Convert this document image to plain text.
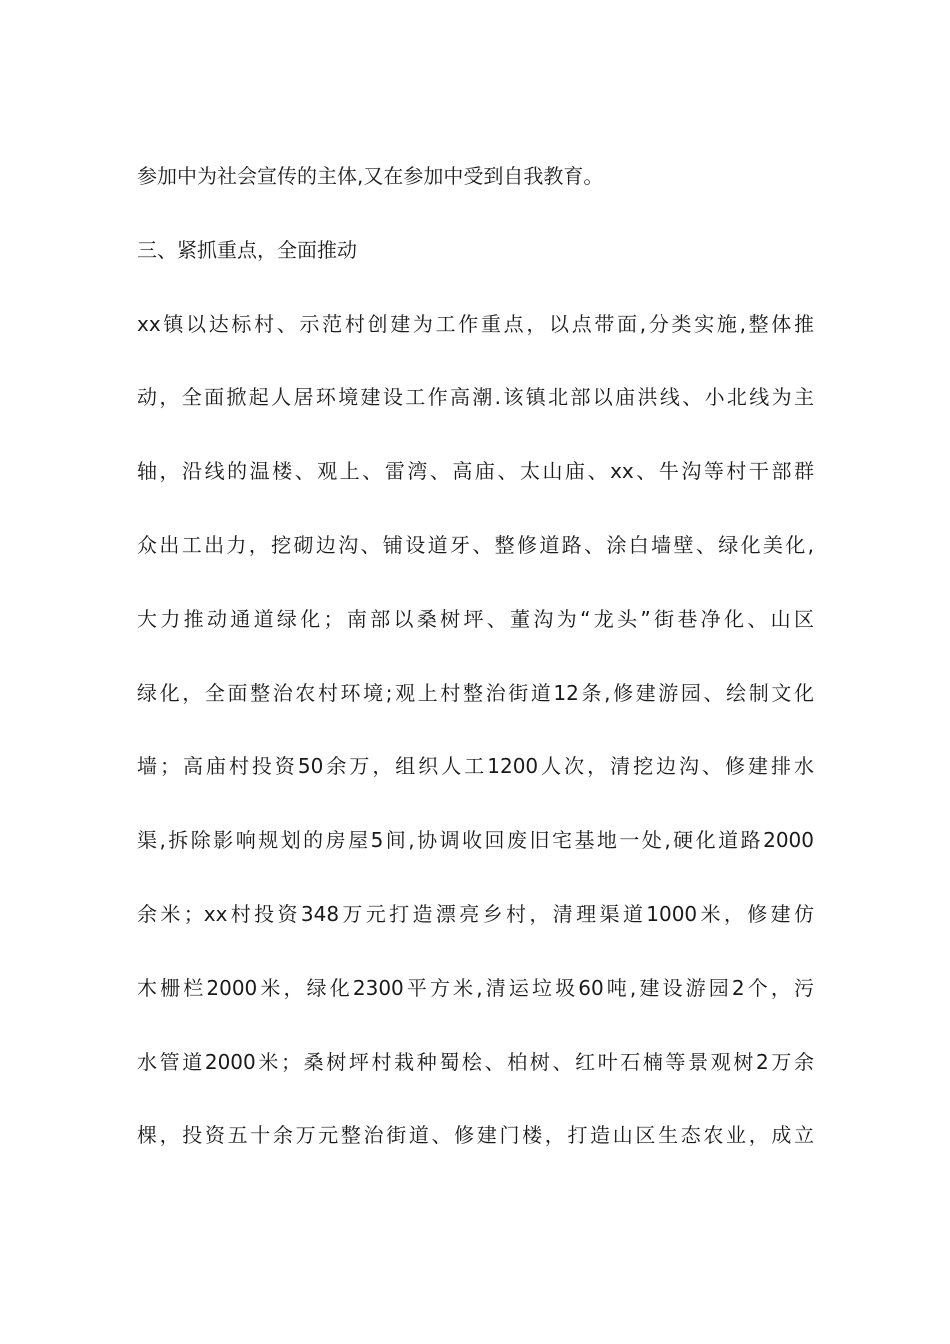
参加中为社会宣传的主体,又在参加中受到自我教育。
三、紧抓重点，全面推动
xx镇以达标村、示范村创建为工作重点，以点带面,分类实施,整体推
动，全面掀起人居环境建设工作高潮.该镇北部以庙洪线、小北线为主
轴，沿线的温楼、观上、雷湾、高庙、太山庙、xx、牛沟等村干部群
众出工出力，挖砌边沟、铺设道牙、整修道路、涂白墙壁、绿化美化,
大力推动通道绿化；南部以桑树坪、董沟为“龙头”街巷净化、山区
绿化，全面整治农村环境;观上村整治街道12条,修建游园、绘制文化
墙；高庙村投资50余万，组织人工1200人次，清挖边沟、修建排水
渠,拆除影响规划的房屋5间,协调收回废旧宅基地一处,硬化道路2000
余米；xx村投资348万元打造漂亮乡村，清理渠道1000米，修建仿
木栅栏2000米，绿化2300平方米,清运垃圾60吨,建设游园2个，污
水管道2000米；桑树坪村栽种蜀桧、柏树、红叶石楠等景观树2万余
棵，投资五十余万元整治街道、修建门楼，打造山区生态农业，成立
